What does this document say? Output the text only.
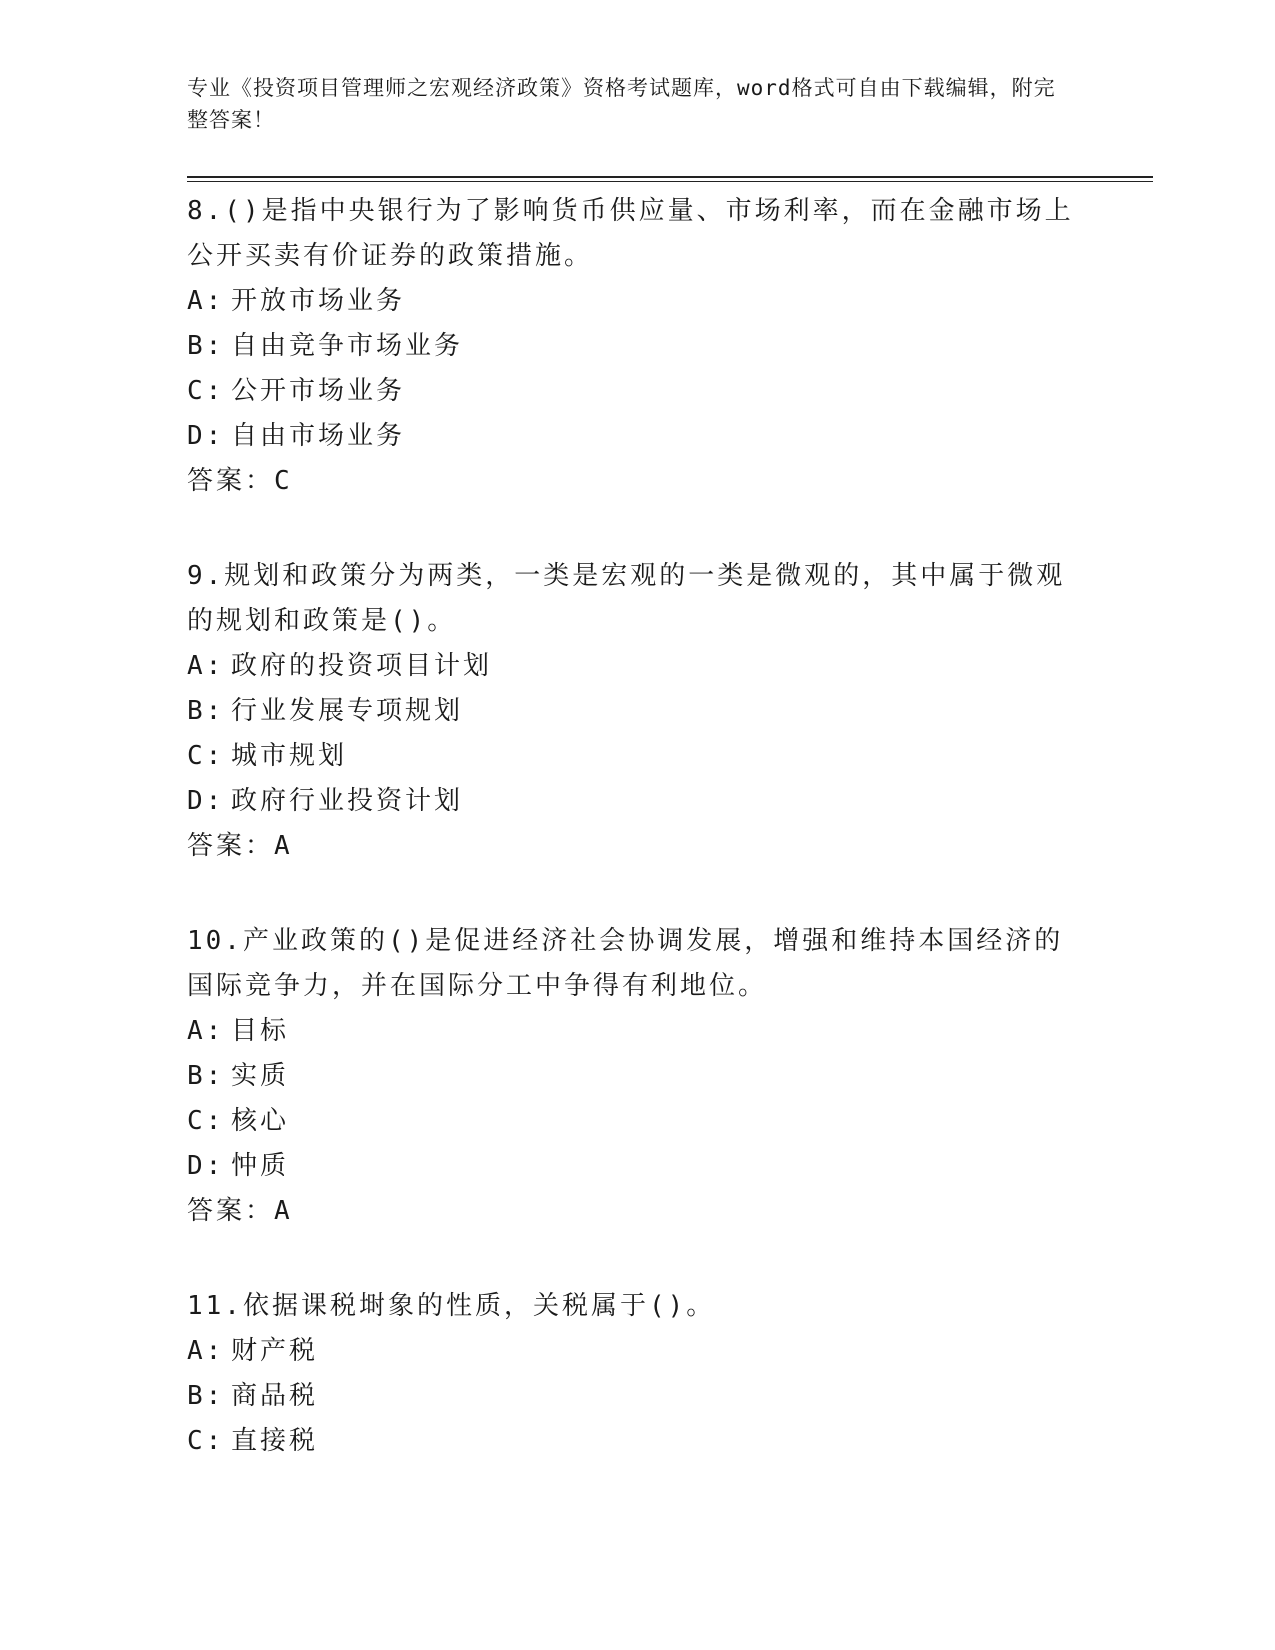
专业《投资项目管理师之宏观经济政策》资格考试题库，word格式可自由下载编辑，附完整答案！
8.()是指中央银行为了影响货币供应量、市场利率，而在金融市场上公开买卖有价证券的政策措施。
A: 开放市场业务
B: 自由竞争市场业务
C: 公开市场业务
D: 自由市场业务
答案：C
9.规划和政策分为两类，一类是宏观的一类是微观的，其中属于微观的规划和政策是()。
A: 政府的投资项目计划
B: 行业发展专项规划
C: 城市规划
D: 政府行业投资计划
答案：A
10.产业政策的()是促进经济社会协调发展，增强和维持本国经济的国际竞争力，并在国际分工中争得有利地位。
A: 目标
B: 实质
C: 核心
D: 忡质
答案：A
11.依据课税埘象的性质，关税属于()。
A: 财产税
B: 商品税
C: 直接税
